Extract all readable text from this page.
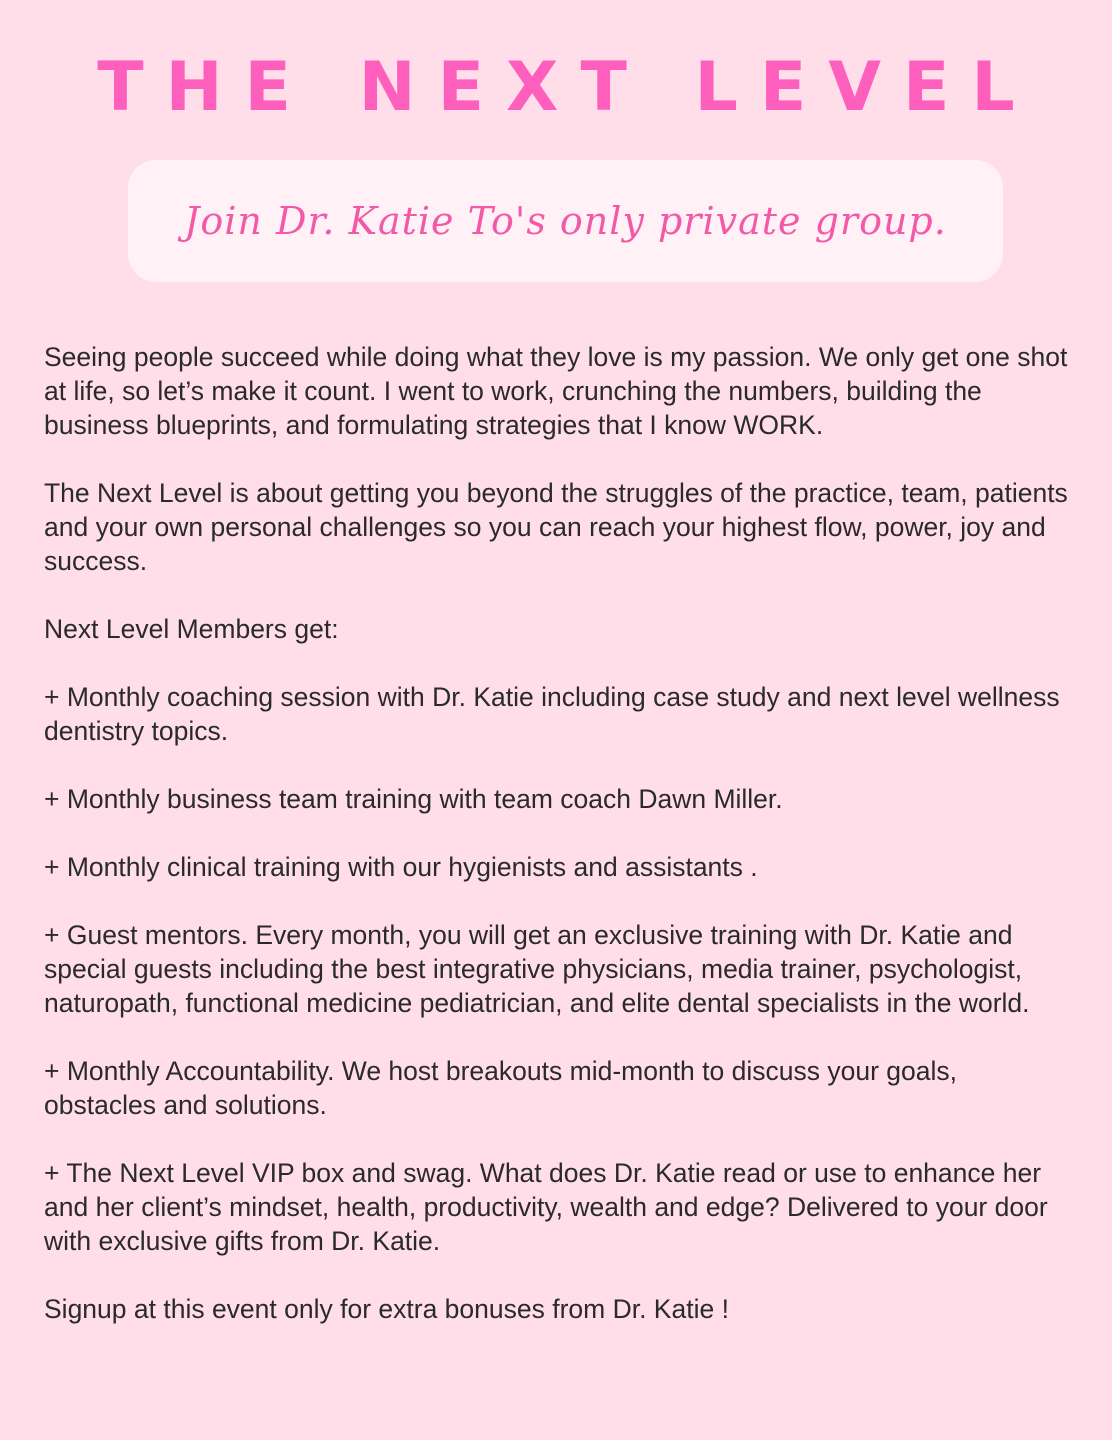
THE NEXT LEVEL
Join Dr. Katie To's only private group.

Seeing people succeed while doing what they love is my passion. We only get one shot at life, so let’s make it count. I went to work, crunching the numbers, building the business blueprints, and formulating strategies that I know WORK.

The Next Level is about getting you beyond the struggles of the practice, team, patients and your own personal challenges so you can reach your highest flow, power, joy and success.

Next Level Members get:

+ Monthly coaching session with Dr. Katie including case study and next level wellness dentistry topics.

+ Monthly business team training with team coach Dawn Miller.

+ Monthly clinical training with our hygienists and assistants .

+ Guest mentors. Every month, you will get an exclusive training with Dr. Katie and special guests including the best integrative physicians, media trainer, psychologist, naturopath, functional medicine pediatrician, and elite dental specialists in the world.

+ Monthly Accountability. We host breakouts mid-month to discuss your goals, obstacles and solutions.

+ The Next Level VIP box and swag. What does Dr. Katie read or use to enhance her and her client’s mindset, health, productivity, wealth and edge? Delivered to your door with exclusive gifts from Dr. Katie.

Signup at this event only for extra bonuses from Dr. Katie !
